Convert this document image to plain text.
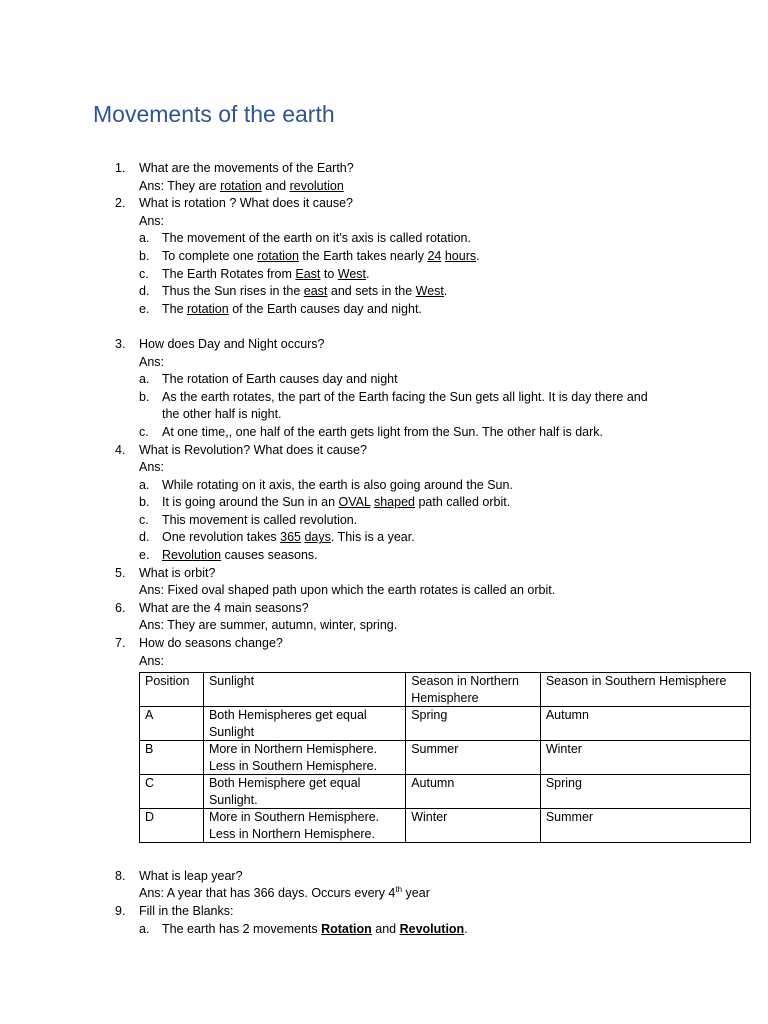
Movements of the earth
1. What are the movements of the Earth?
Ans: They are rotation and revolution
2. What is rotation ? What does it cause?
Ans:
a. The movement of the earth on it’s axis is called rotation.
b. To complete one rotation the Earth takes nearly 24 hours.
c. The Earth Rotates from East to West.
d. Thus the Sun rises in the east and sets in the West.
e. The rotation of the Earth causes day and night.
3. How does Day and Night occurs?
Ans:
a. The rotation of Earth causes day and night
b. As the earth rotates, the part of the Earth facing the Sun gets all light. It is day there and
the other half is night.
c. At one time,, one half of the earth gets light from the Sun. The other half is dark.
4. What is Revolution? What does it cause?
Ans:
a. While rotating on it axis, the earth is also going around the Sun.
b. It is going around the Sun in an OVAL shaped path called orbit.
c. This movement is called revolution.
d. One revolution takes 365 days. This is a year.
e. Revolution causes seasons.
5. What is orbit?
Ans: Fixed oval shaped path upon which the earth rotates is called an orbit.
6. What are the 4 main seasons?
Ans: They are summer, autumn, winter, spring.
7. How do seasons change?
Ans:
Position	Sunlight	Season in Northern Hemisphere	Season in Southern Hemisphere
A	Both Hemispheres get equal Sunlight	Spring	Autumn
B	More in Northern Hemisphere. Less in Southern Hemisphere.	Summer	Winter
C	Both Hemisphere get equal Sunlight.	Autumn	Spring
D	More in Southern Hemisphere. Less in Northern Hemisphere.	Winter	Summer
8. What is leap year?
Ans: A year that has 366 days. Occurs every 4th year
9. Fill in the Blanks:
a. The earth has 2 movements Rotation and Revolution.
